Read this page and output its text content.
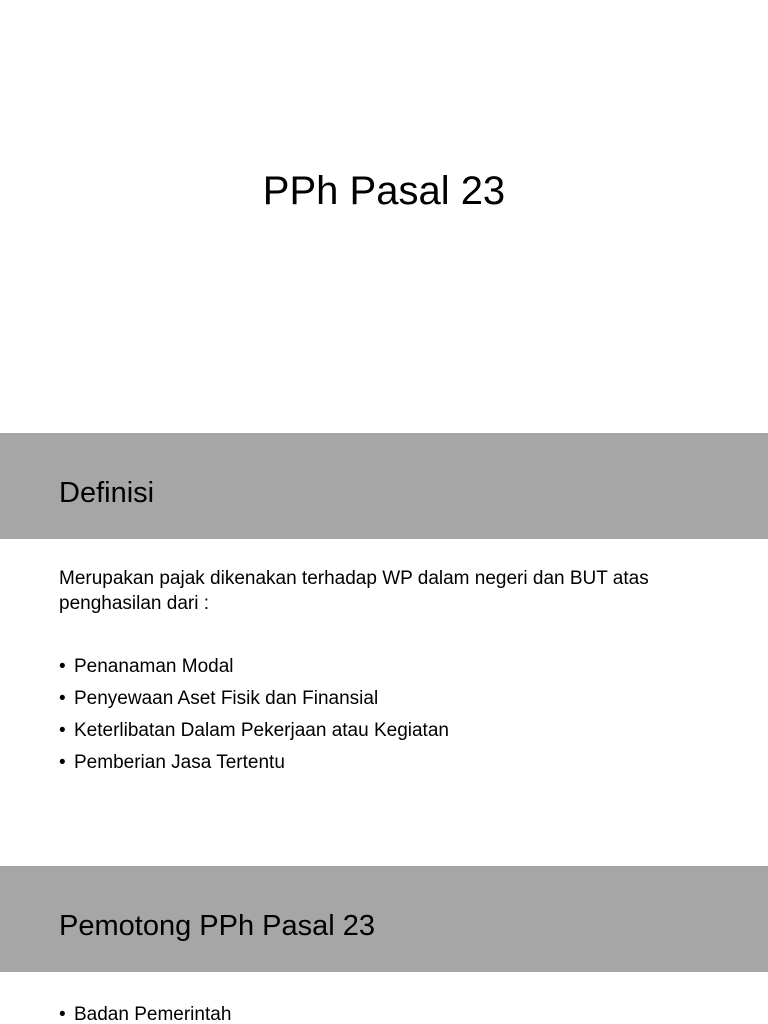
PPh Pasal 23
Definisi

Merupakan pajak dikenakan terhadap WP dalam negeri dan BUT atas
penghasilan dari :

• Penanaman Modal
• Penyewaan Aset Fisik dan Finansial
• Keterlibatan Dalam Pekerjaan atau Kegiatan
• Pemberian Jasa Tertentu
Pemotong PPh Pasal 23
• Badan Pemerintah
